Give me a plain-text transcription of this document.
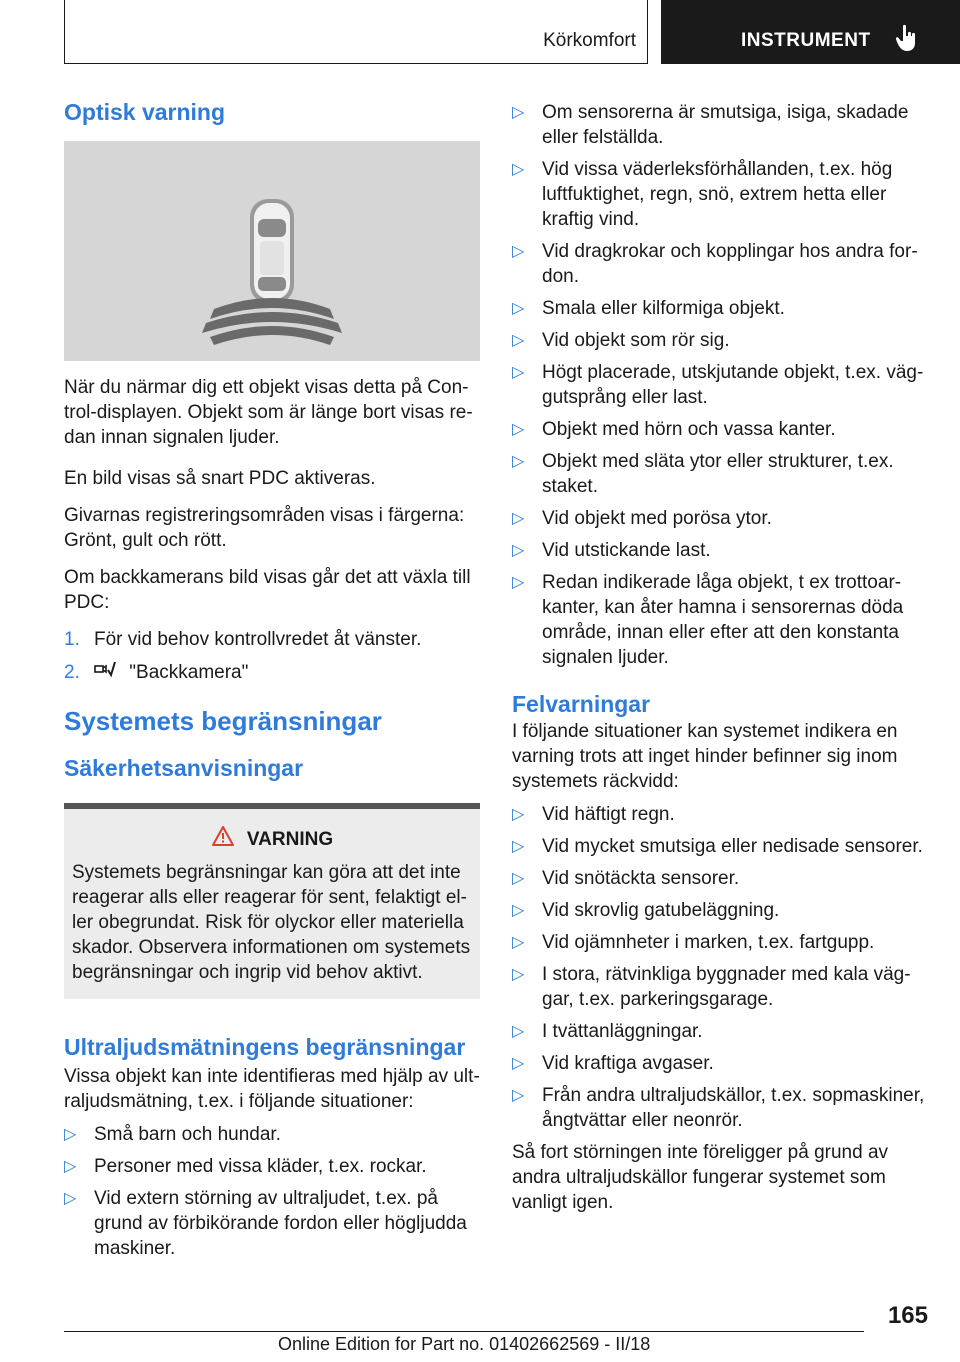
Körkomfort	INSTRUMENT
Optisk varning

När du närmar dig ett objekt visas detta på Control-displayen. Objekt som är länge bort visas redan innan signalen ljuder.

En bild visas så snart PDC aktiveras.

Givarnas registreringsområden visas i färgerna: Grönt, gult och rött.

Om backkamerans bild visas går det att växla till PDC:

1. För vid behov kontrollvredet åt vänster.
2.	"Backkamera"
Systemets begränsningar
Säkerhetsanvisningar
VARNING

Systemets begränsningar kan göra att det inte reagerar alls eller reagerar för sent, felaktigt eller obegrundat. Risk för olyckor eller materiella skador. Observera informationen om systemets begränsningar och ingrip vid behov aktivt.

Ultraljudsmätningens begränsningar

Vissa objekt kan inte identifieras med hjälp av ultraljudsmätning, t.ex. i följande situationer:

▷ Små barn och hundar.
▷ Personer med vissa kläder, t.ex. rockar.
▷ Vid extern störning av ultraljudet, t.ex. på grund av förbikörande fordon eller högljudda maskiner.
▷ Om sensorerna är smutsiga, isiga, skadade eller felställda.
▷ Vid vissa väderleksförhållanden, t.ex. hög luftfuktighet, regn, snö, extrem hetta eller kraftig vind.
▷ Vid dragkrokar och kopplingar hos andra fordon.
▷ Smala eller kilformiga objekt.
▷ Vid objekt som rör sig.
▷ Högt placerade, utskjutande objekt, t.ex. väggutsprång eller last.
▷ Objekt med hörn och vassa kanter.
▷ Objekt med släta ytor eller strukturer, t.ex. staket.
▷ Vid objekt med porösa ytor.
▷ Vid utstickande last.
▷ Redan indikerade låga objekt, t ex trottoarkanter, kan åter hamna i sensorernas döda område, innan eller efter att den konstanta signalen ljuder.
Felvarningar

I följande situationer kan systemet indikera en varning trots att inget hinder befinner sig inom systemets räckvidd:

▷ Vid häftigt regn.
▷ Vid mycket smutsiga eller nedisade sensorer.
▷ Vid snötäckta sensorer.
▷ Vid skrovlig gatubeläggning.
▷ Vid ojämnheter i marken, t.ex. fartgupp.
▷ I stora, rätvinkliga byggnader med kala väggar, t.ex. parkeringsgarage.
▷ I tvättanläggningar.
▷ Vid kraftiga avgaser.
▷ Från andra ultraljudskällor, t.ex. sopmaskiner, ångtvättar eller neonrör.

Så fort störningen inte föreligger på grund av andra ultraljudskällor fungerar systemet som vanligt igen.

165
Online Edition for Part no. 01402662569 - II/18
